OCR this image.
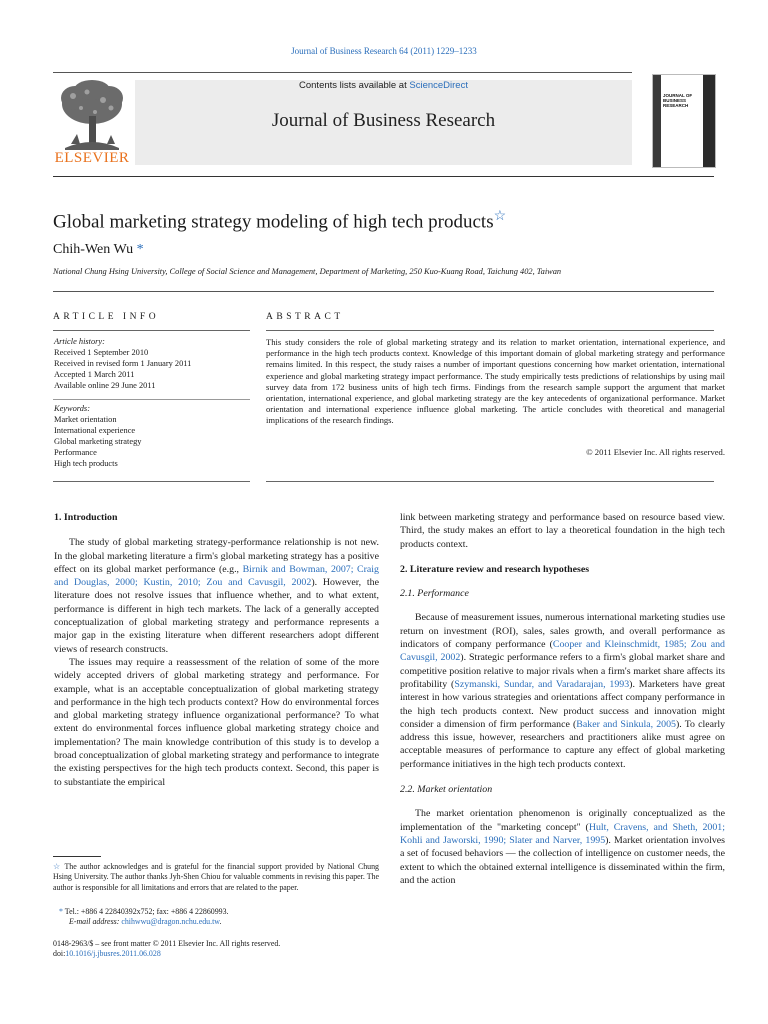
Journal of Business Research 64 (2011) 1229–1233
ELSEVIER
Contents lists available at ScienceDirect
Journal of Business Research
JOURNAL OF BUSINESS RESEARCH
Global marketing strategy modeling of high tech products☆
Chih-Wen Wu *
National Chung Hsing University, College of Social Science and Management, Department of Marketing, 250 Kuo-Kuang Road, Taichung 402, Taiwan
ARTICLE INFO	ABSTRACT
Article history:
Received 1 September 2010
Received in revised form 1 January 2011
Accepted 1 March 2011
Available online 29 June 2011
Keywords:
Market orientation
International experience
Global marketing strategy
Performance
High tech products
This study considers the role of global marketing strategy and its relation to market orientation, international experience, and performance in the high tech products context. Knowledge of this important domain of global marketing strategy and performance remains limited. In this respect, the study raises a number of important questions concerning how market orientation, international experience and global marketing strategy impact performance. The study empirically tests predictions of relationships by using mail survey data from 172 business units of high tech firms. Findings from the research sample support the argument that market orientation, international experience, and global marketing strategy are the key antecedents of organizational performance. Market orientation and international experience influence global marketing. The article concludes with theoretical and managerial implications of the research findings.
© 2011 Elsevier Inc. All rights reserved.
1. Introduction

The study of global marketing strategy-performance relationship is not new. In the global marketing literature a firm's global marketing strategy has a positive effect on its global market performance (e.g., Birnik and Bowman, 2007; Craig and Douglas, 2000; Kustin, 2010; Zou and Cavusgil, 2002). However, the literature does not resolve issues that influence whether, and to what extent, performance is different in high tech markets. The lack of a generally accepted conceptualization of global marketing strategy and performance represents a major gap in the existing literature when different researchers adopt different views of research constructs.

The issues may require a reassessment of the relation of some of the more widely accepted drivers of global marketing strategy and performance. For example, what is an acceptable conceptualization of global marketing strategy and performance in the high tech products context? How do environmental forces and global marketing strategy influence organizational performance? To what extent do environmental forces influence global marketing strategy choice and implementation? The main knowledge contribution of this study is to develop a broad conceptualization of global marketing strategy and performance to integrate the existing perspectives for the high tech products context. Second, this paper is to substantiate the empirical

link between marketing strategy and performance based on resource based view. Third, the study makes an effort to lay a theoretical foundation in the high tech products context.

2. Literature review and research hypotheses
2.1. Performance

Because of measurement issues, numerous international marketing studies use return on investment (ROI), sales, sales growth, and overall performance as indicators of company performance (Cooper and Kleinschmidt, 1985; Zou and Cavusgil, 2002). Strategic performance refers to a firm's global market share and competitive position relative to major rivals when a firm's market share affects its profitability (Szymanski, Sundar, and Varadarajan, 1993). Marketers have great interest in how various strategies and orientations affect company performance in the high tech products context. New product success and innovation might consider a dimension of firm performance (Baker and Sinkula, 2005). To clearly address this issue, however, researchers and practitioners alike must agree on acceptable measures of performance to capture any effect of global marketing performance initiatives in the high tech products context.

2.2. Market orientation

The market orientation phenomenon is originally conceptualized as the implementation of the "marketing concept" (Hult, Cravens, and Sheth, 2001; Kohli and Jaworski, 1990; Slater and Narver, 1995). Market orientation involves a set of focused behaviors — the collection of intelligence on customer needs, the extent to which the obtained external intelligence is disseminated within the firm, and the action

☆ The author acknowledges and is grateful for the financial support provided by National Chung Hsing University. The author thanks Jyh-Shen Chiou for valuable comments in revising this paper. The author is responsible for all limitations and errors that are related to the paper.
* Tel.: +886 4 22840392x752; fax: +886 4 22860993.
E-mail address: chihwwu@dragon.nchu.edu.tw.
0148-2963/$ – see front matter © 2011 Elsevier Inc. All rights reserved.
doi:10.1016/j.jbusres.2011.06.028
